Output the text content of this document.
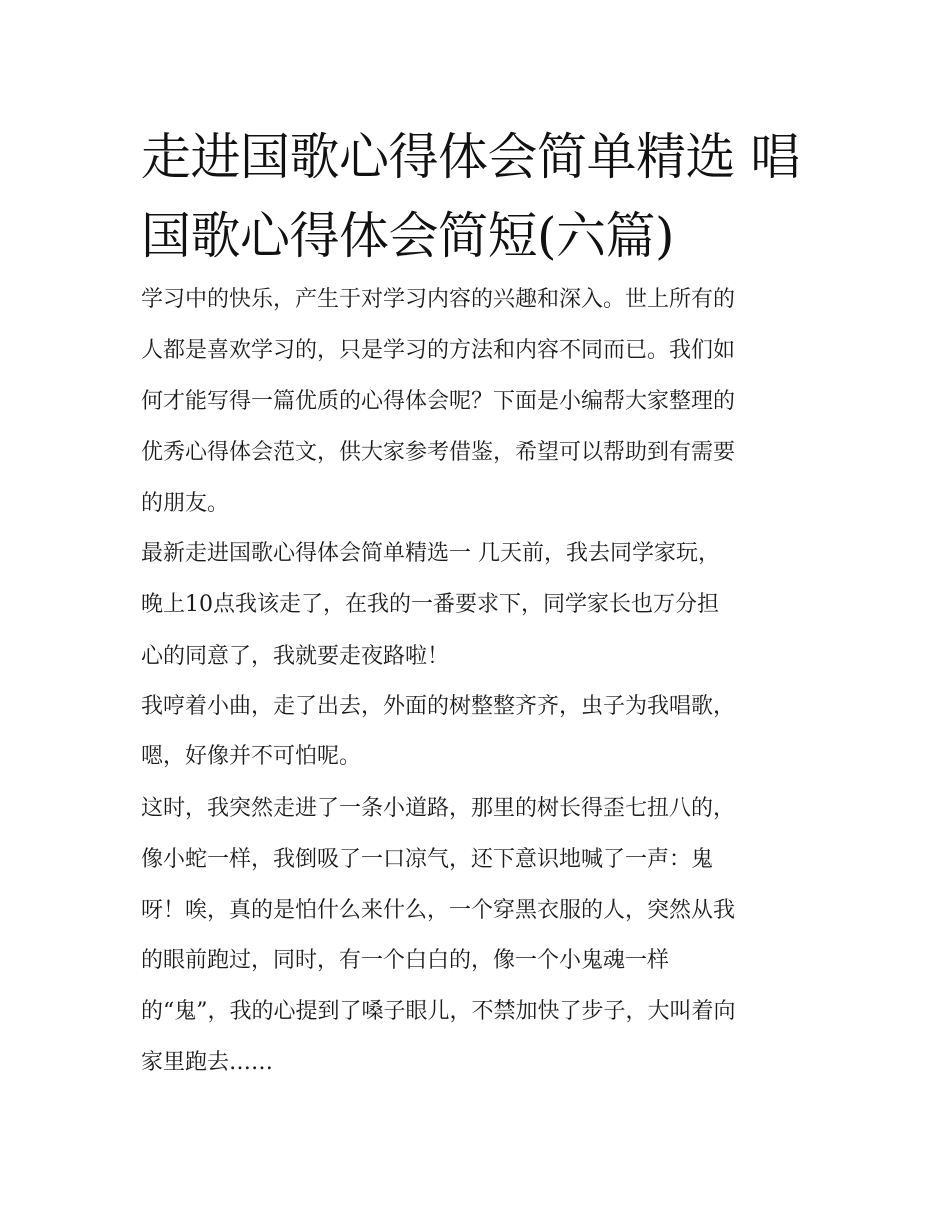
走进国歌心得体会简单精选 唱
国歌心得体会简短(六篇)

学习中的快乐，产生于对学习内容的兴趣和深入。世上所有的

人都是喜欢学习的，只是学习的方法和内容不同而已。我们如

何才能写得一篇优质的心得体会呢？下面是小编帮大家整理的

优秀心得体会范文，供大家参考借鉴，希望可以帮助到有需要

的朋友。

最新走进国歌心得体会简单精选一 几天前，我去同学家玩，

晚上10点我该走了，在我的一番要求下，同学家长也万分担

心的同意了，我就要走夜路啦！

我哼着小曲，走了出去，外面的树整整齐齐，虫子为我唱歌，

嗯，好像并不可怕呢。

这时，我突然走进了一条小道路，那里的树长得歪七扭八的，

像小蛇一样，我倒吸了一口凉气，还下意识地喊了一声：鬼

呀！唉，真的是怕什么来什么，一个穿黑衣服的人，突然从我

的眼前跑过，同时，有一个白白的，像一个小鬼魂一样

的“鬼”，我的心提到了嗓子眼儿，不禁加快了步子，大叫着向

家里跑去……
